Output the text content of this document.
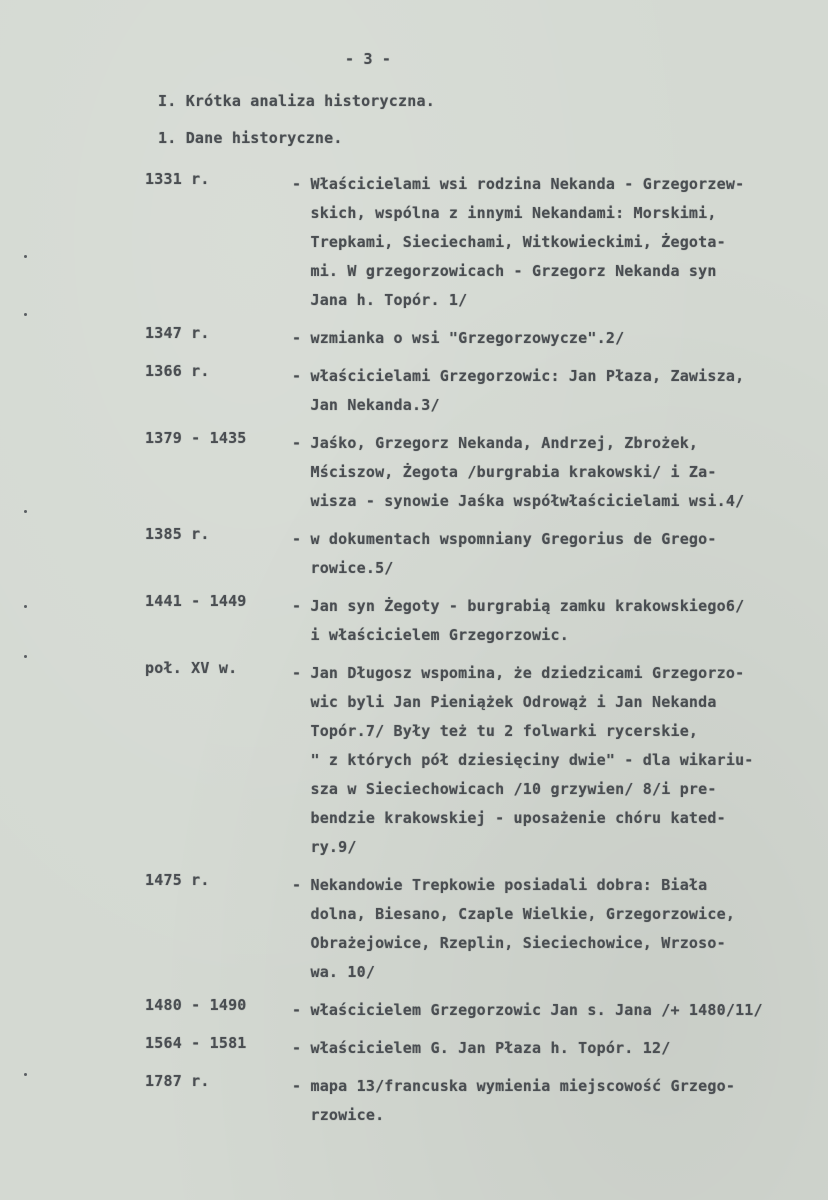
- 3 -
I. Krótka analiza historyczna.
1. Dane historyczne.
1331 r.	- Właścicielami wsi rodzina Nekanda - Grzegorzew-
skich, wspólna z innymi Nekandami: Morskimi,
Trepkami, Sieciechami, Witkowieckimi, Żegota-
mi. W grzegorzowicach - Grzegorz Nekanda syn
Jana h. Topór. 1/
1347 r.	- wzmianka o wsi "Grzegorzowycze".2/
1366 r.	- właścicielami Grzegorzowic: Jan Płaza, Zawisza,
Jan Nekanda.3/
1379 - 1435	- Jaśko, Grzegorz Nekanda, Andrzej, Zbrożek,
Mściszow, Żegota /burgrabia krakowski/ i Za-
wisza - synowie Jaśka współwłaścicielami wsi.4/
1385 r.	- w dokumentach wspomniany Gregorius de Grego-
rowice.5/
1441 - 1449	- Jan syn Żegoty - burgrabią zamku krakowskiego6/
i właścicielem Grzegorzowic.
poł. XV w.	- Jan Długosz wspomina, że dziedzicami Grzegorzo-
wic byli Jan Pieniążek Odrowąż i Jan Nekanda
Topór.7/ Były też tu 2 folwarki rycerskie,
" z których pół dziesięciny dwie" - dla wikariu-
sza w Sieciechowicach /10 grzywien/ 8/i pre-
bendzie krakowskiej - uposażenie chóru kated-
ry.9/
1475 r.	- Nekandowie Trepkowie posiadali dobra: Biała
dolna, Biesano, Czaple Wielkie, Grzegorzowice,
Obrażejowice, Rzeplin, Sieciechowice, Wrzoso-
wa. 10/
1480 - 1490	- właścicielem Grzegorzowic Jan s. Jana /+ 1480/11/
1564 - 1581	- właścicielem G. Jan Płaza h. Topór. 12/
1787 r.	- mapa 13/francuska wymienia miejscowość Grzego-
rzowice.
